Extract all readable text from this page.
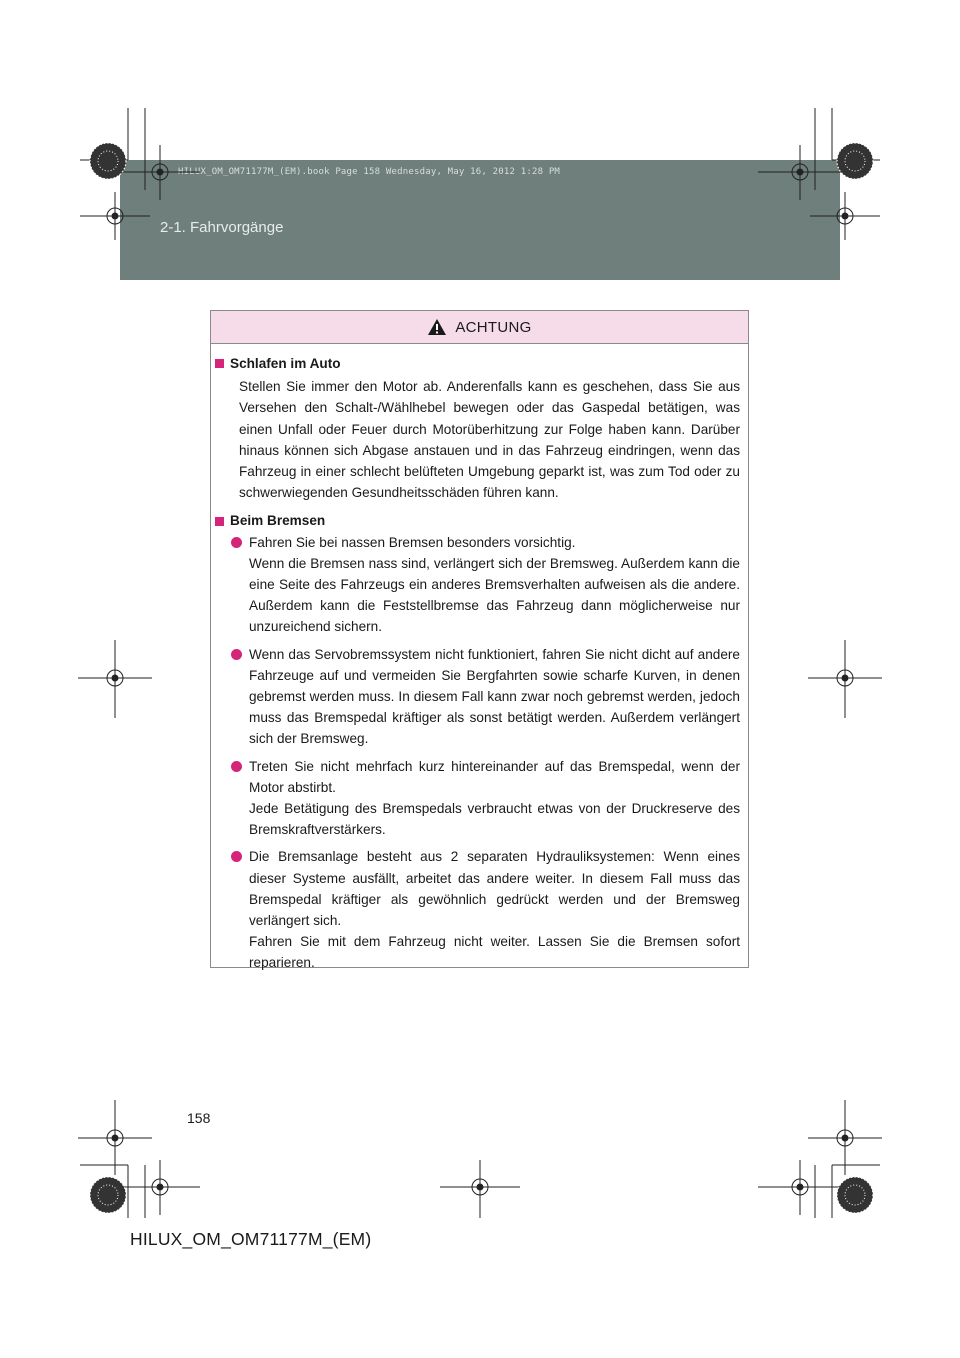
HILUX_OM_OM71177M_(EM).book Page 158 Wednesday, May 16, 2012 1:28 PM
2-1. Fahrvorgänge
ACHTUNG
Schlafen im Auto
Stellen Sie immer den Motor ab. Anderenfalls kann es geschehen, dass Sie aus Versehen den Schalt-/Wählhebel bewegen oder das Gaspedal betätigen, was einen Unfall oder Feuer durch Motorüberhitzung zur Folge haben kann. Darüber hinaus können sich Abgase anstauen und in das Fahrzeug eindringen, wenn das Fahrzeug in einer schlecht belüfteten Umgebung geparkt ist, was zum Tod oder zu schwerwiegenden Gesundheitsschäden führen kann.
Beim Bremsen
Fahren Sie bei nassen Bremsen besonders vorsichtig.
Wenn die Bremsen nass sind, verlängert sich der Bremsweg. Außerdem kann die eine Seite des Fahrzeugs ein anderes Bremsverhalten aufweisen als die andere. Außerdem kann die Feststellbremse das Fahrzeug dann möglicherweise nur unzureichend sichern.
Wenn das Servobremssystem nicht funktioniert, fahren Sie nicht dicht auf andere Fahrzeuge auf und vermeiden Sie Bergfahrten sowie scharfe Kurven, in denen gebremst werden muss. In diesem Fall kann zwar noch gebremst werden, jedoch muss das Bremspedal kräftiger als sonst betätigt werden. Außerdem verlängert sich der Bremsweg.
Treten Sie nicht mehrfach kurz hintereinander auf das Bremspedal, wenn der Motor abstirbt.
Jede Betätigung des Bremspedals verbraucht etwas von der Druckreserve des Bremskraftverstärkers.
Die Bremsanlage besteht aus 2 separaten Hydrauliksystemen: Wenn eines dieser Systeme ausfällt, arbeitet das andere weiter. In diesem Fall muss das Bremspedal kräftiger als gewöhnlich gedrückt werden und der Bremsweg verlängert sich.
Fahren Sie mit dem Fahrzeug nicht weiter. Lassen Sie die Bremsen sofort reparieren.
158
HILUX_OM_OM71177M_(EM)
